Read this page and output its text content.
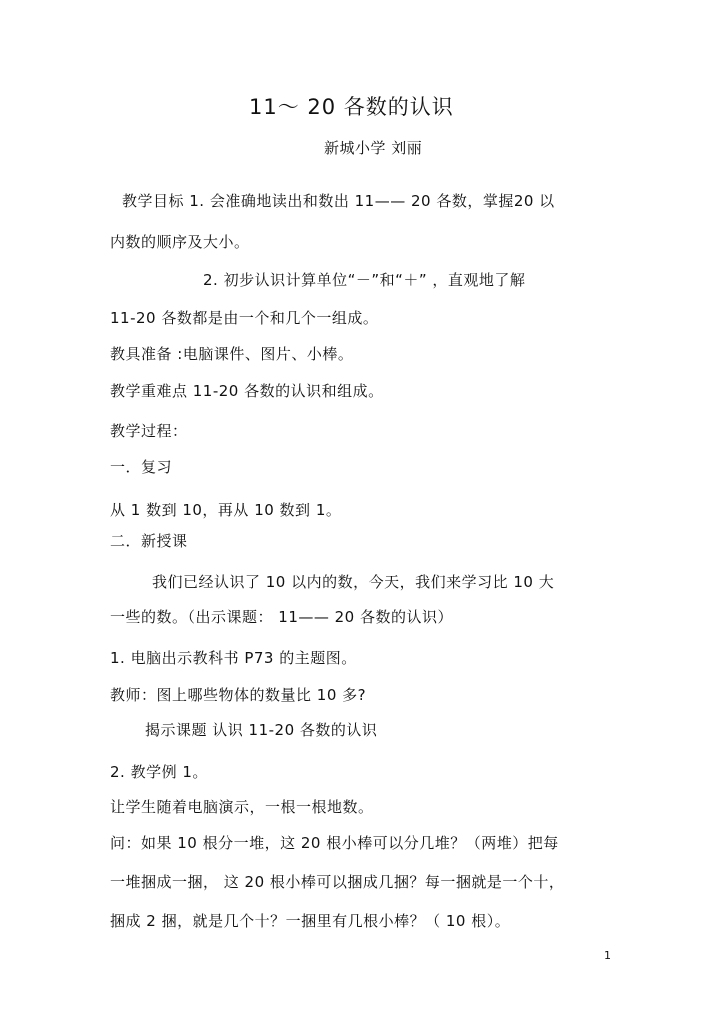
11～ 20 各数的认识
新城小学 刘丽
教学目标 1. 会准确地读出和数出 11—— 20 各数，掌握20 以
内数的顺序及大小。
2. 初步认识计算单位“－”和“＋” ，直观地了解
11-20 各数都是由一个和几个一组成。
教具准备 :电脑课件、图片、小棒。
教学重难点 11-20 各数的认识和组成。
教学过程：
一．复习
从 1 数到 10，再从 10 数到 1。
二．新授课
我们已经认识了 10 以内的数，今天，我们来学习比 10 大
一些的数。（出示课题： 11—— 20 各数的认识）
1. 电脑出示教科书 P73 的主题图。
教师：图上哪些物体的数量比 10 多?
揭示课题 认识 11-20 各数的认识
2. 教学例 1。
让学生随着电脑演示，一根一根地数。
问：如果 10 根分一堆，这 20 根小棒可以分几堆？（两堆）把每
一堆捆成一捆， 这 20 根小棒可以捆成几捆？每一捆就是一个十，
捆成 2 捆，就是几个十？一捆里有几根小棒？（ 10 根）。
1
